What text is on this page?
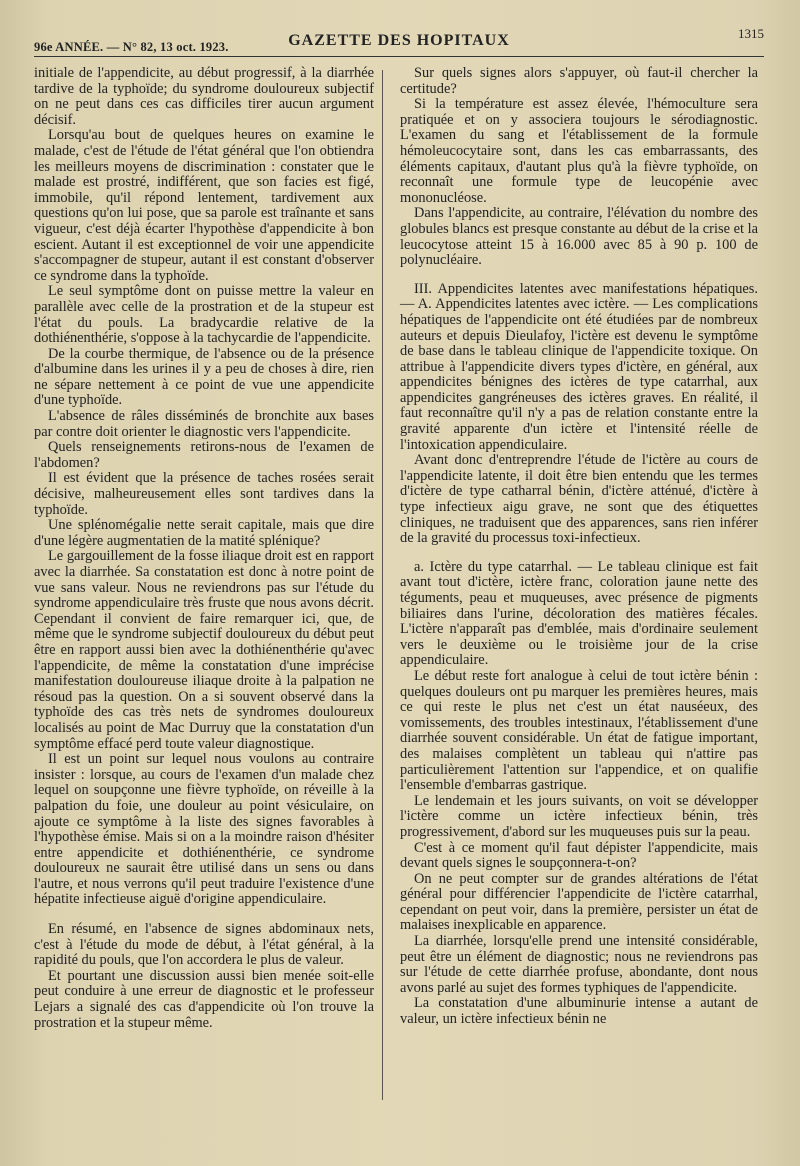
96e ANNÉE. — N° 82, 13 oct. 1923.	GAZETTE DES HOPITAUX	1315

initiale de l'appendicite, au début progressif, à la diarrhée tardive de la typhoïde; du syndrome douloureux subjectif on ne peut dans ces cas difficiles tirer aucun argument décisif.

Lorsqu'au bout de quelques heures on examine le malade, c'est de l'étude de l'état général que l'on obtiendra les meilleurs moyens de discrimination : constater que le malade est prostré, indifférent, que son facies est figé, immobile, qu'il répond lentement, tardivement aux questions qu'on lui pose, que sa parole est traînante et sans vigueur, c'est déjà écarter l'hypothèse d'appendicite à bon escient. Autant il est exceptionnel de voir une appendicite s'accompagner de stupeur, autant il est constant d'observer ce syndrome dans la typhoïde.

Le seul symptôme dont on puisse mettre la valeur en parallèle avec celle de la prostration et de la stupeur est l'état du pouls. La bradycardie relative de la dothiénenthérie, s'oppose à la tachycardie de l'appendicite.

De la courbe thermique, de l'absence ou de la présence d'albumine dans les urines il y a peu de choses à dire, rien ne sépare nettement à ce point de vue une appendicite d'une typhoïde.

L'absence de râles disséminés de bronchite aux bases par contre doit orienter le diagnostic vers l'appendicite.

Quels renseignements retirons-nous de l'examen de l'abdomen?

Il est évident que la présence de taches rosées serait décisive, malheureusement elles sont tardives dans la typhoïde.

Une splénomégalie nette serait capitale, mais que dire d'une légère augmentatien de la matité splénique?

Le gargouillement de la fosse iliaque droit est en rapport avec la diarrhée. Sa constatation est donc à notre point de vue sans valeur. Nous ne reviendrons pas sur l'étude du syndrome appendiculaire très fruste que nous avons décrit. Cependant il convient de faire remarquer ici, que, de même que le syndrome subjectif douloureux du début peut être en rapport aussi bien avec la dothiénenthérie qu'avec l'appendicite, de même la constatation d'une imprécise manifestation douloureuse iliaque droite à la palpation ne résoud pas la question. On a si souvent observé dans la typhoïde des cas très nets de syndromes douloureux localisés au point de Mac Durruy que la constatation d'un symptôme effacé perd toute valeur diagnostique.

Il est un point sur lequel nous voulons au contraire insister : lorsque, au cours de l'examen d'un malade chez lequel on soupçonne une fièvre typhoïde, on réveille à la palpation du foie, une douleur au point vésiculaire, on ajoute ce symptôme à la liste des signes favorables à l'hypothèse émise. Mais si on a la moindre raison d'hésiter entre appendicite et dothiénenthérie, ce syndrome douloureux ne saurait être utilisé dans un sens ou dans l'autre, et nous verrons qu'il peut traduire l'existence d'une hépatite infectieuse aiguë d'origine appendiculaire.

En résumé, en l'absence de signes abdominaux nets, c'est à l'étude du mode de début, à l'état général, à la rapidité du pouls, que l'on accordera le plus de valeur.

Et pourtant une discussion aussi bien menée soit-elle peut conduire à une erreur de diagnostic et le professeur Lejars a signalé des cas d'appendicite où l'on trouve la prostration et la stupeur même.

Sur quels signes alors s'appuyer, où faut-il chercher la certitude?

Si la température est assez élevée, l'hémoculture sera pratiquée et on y associera toujours le sérodiagnostic. L'examen du sang et l'établissement de la formule hémoleucocytaire sont, dans les cas embarrassants, des éléments capitaux, d'autant plus qu'à la fièvre typhoïde, on reconnaît une formule type de leucopénie avec mononucléose.

Dans l'appendicite, au contraire, l'élévation du nombre des globules blancs est presque constante au début de la crise et la leucocytose atteint 15 à 16.000 avec 85 à 90 p. 100 de polynucléaire.

III. Appendicites latentes avec manifestations hépatiques. — A. Appendicites latentes avec ictère. — Les complications hépatiques de l'appendicite ont été étudiées par de nombreux auteurs et depuis Dieulafoy, l'ictère est devenu le symptôme de base dans le tableau clinique de l'appendicite toxique. On attribue à l'appendicite divers types d'ictère, en général, aux appendicites bénignes des ictères de type catarrhal, aux appendicites gangréneuses des ictères graves. En réalité, il faut reconnaître qu'il n'y a pas de relation constante entre la gravité apparente d'un ictère et l'intensité réelle de l'intoxication appendiculaire.

Avant donc d'entreprendre l'étude de l'ictère au cours de l'appendicite latente, il doit être bien entendu que les termes d'ictère de type catharral bénin, d'ictère atténué, d'ictère à type infectieux aigu grave, ne sont que des étiquettes cliniques, ne traduisent que des apparences, sans rien inférer de la gravité du processus toxi-infectieux.

a. Ictère du type catarrhal. — Le tableau clinique est fait avant tout d'ictère, ictère franc, coloration jaune nette des téguments, peau et muqueuses, avec présence de pigments biliaires dans l'urine, décoloration des matières fécales. L'ictère n'apparaît pas d'emblée, mais d'ordinaire seulement vers le deuxième ou le troisième jour de la crise appendiculaire.

Le début reste fort analogue à celui de tout ictère bénin : quelques douleurs ont pu marquer les premières heures, mais ce qui reste le plus net c'est un état nauséeux, des vomissements, des troubles intestinaux, l'établissement d'une diarrhée souvent considérable. Un état de fatigue important, des malaises complètent un tableau qui n'attire pas particulièrement l'attention sur l'appendice, et on qualifie l'ensemble d'embarras gastrique.

Le lendemain et les jours suivants, on voit se développer l'ictère comme un ictère infectieux bénin, très progressivement, d'abord sur les muqueuses puis sur la peau.

C'est à ce moment qu'il faut dépister l'appendicite, mais devant quels signes le soupçonnera-t-on?

On ne peut compter sur de grandes altérations de l'état général pour différencier l'appendicite de l'ictère catarrhal, cependant on peut voir, dans la première, persister un état de malaises inexplicable en apparence.

La diarrhée, lorsqu'elle prend une intensité considérable, peut être un élément de diagnostic; nous ne reviendrons pas sur l'étude de cette diarrhée profuse, abondante, dont nous avons parlé au sujet des formes typhiques de l'appendicite.

La constatation d'une albuminurie intense a autant de valeur, un ictère infectieux bénin ne
